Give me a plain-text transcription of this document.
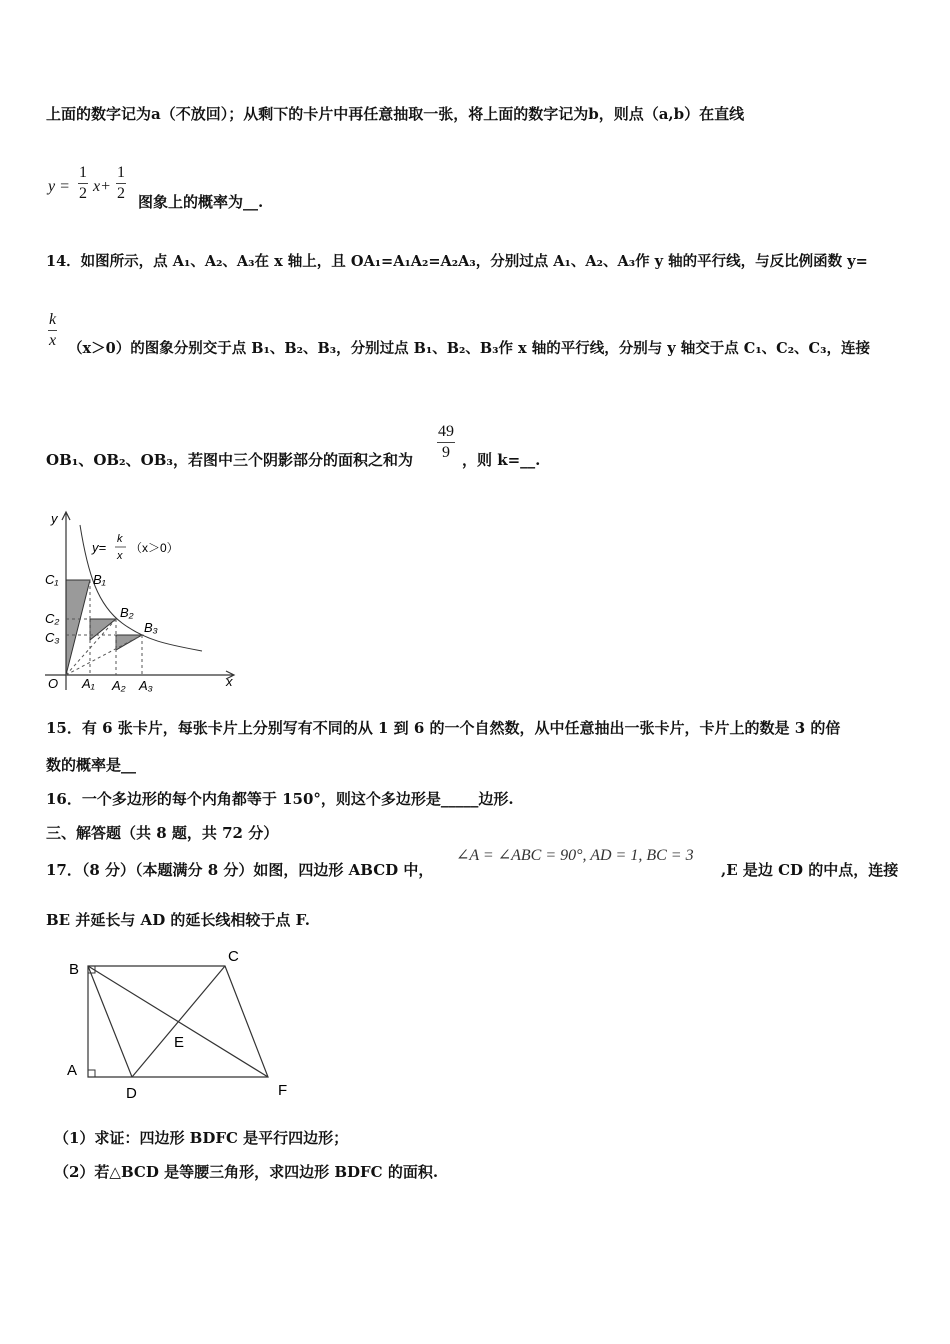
上面的数字记为a（不放回）；从剩下的卡片中再任意抽取一张，将上面的数字记为b，则点（a,b）在直线
y =
1
2 x+
1
2 图象上的概率为__.
14．如图所示，点 A₁、A₂、A₃在 x 轴上，且 OA₁=A₁A₂=A₂A₃，分别过点 A₁、A₂、A₃作 y 轴的平行线，与反比例函数 y=
k
x （x＞0）的图象分别交于点 B₁、B₂、B₃，分别过点 B₁、B₂、B₃作 x 轴的平行线，分别与 y 轴交于点 C₁、C₂、C₃，连接
49
9
OB₁、OB₂、OB₃，若图中三个阴影部分的面积之和为	，则 k=__.
y=
k
x
（x＞0）
y
x
O
C₁
C₂
C₃
B₁
B₂
B₃
A₁ A₂ A₃
15．有 6 张卡片，每张卡片上分别写有不同的从 1 到 6 的一个自然数，从中任意抽出一张卡片，卡片上的数是 3 的倍
数的概率是__
16．一个多边形的每个内角都等于 150°，则这个多边形是_____边形.
三、解答题（共 8 题，共 72 分）
17．（8 分）（本题满分 8 分）如图，四边形 ABCD 中，
∠A = ∠ABC = 90°, AD = 1, BC = 3
,E 是边 CD 的中点，连接
BE 并延长与 AD 的延长线相较于点 F.
B
C
A
D
E
F
（1）求证：四边形 BDFC 是平行四边形；
（2）若△BCD 是等腰三角形，求四边形 BDFC 的面积.
